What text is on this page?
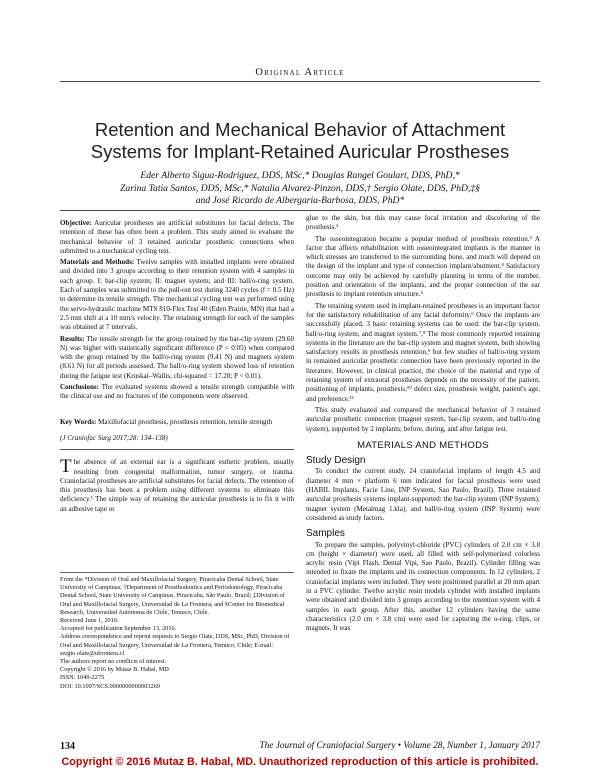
Original Article
Retention and Mechanical Behavior of Attachment Systems for Implant-Retained Auricular Prostheses
Eder Alberto Sigua-Rodriguez, DDS, MSc,* Douglas Rangel Goulart, DDS, PhD,*
Zarina Tatia Santos, DDS, MSc,* Natalia Alvarez-Pinzon, DDS,† Sergio Olate, DDS, PhD,‡§
and José Ricardo de Albergaria-Barbosa, DDS, PhD*

Objective: Auricular prostheses are artificial substitutes for facial defects. The retention of these has often been a problem. This study aimed to evaluate the mechanical behavior of 3 retained auricular prosthetic connections when submitted to a mechanical cycling test.

Materials and Methods: Twelve samples with installed implants were obtained and divided into 3 groups according to their retention system with 4 samples in each group. I: bar-clip system; II: magnet system; and III: ball/o-ring system. Each of samples was submitted to the pull-out test during 3240 cycles (f = 0.5 Hz) to determine its tensile strength. The mechanical cycling test was performed using the servo-hydraulic machine MTS 810-Flex Test 40 (Eden Prairie, MN) that had a 2.5 mm shift at a 10 mm/s velocity. The retaining strength for each of the samples was obtained at 7 intervals.

Results: The tensile strength for the group retained by the bar-clip system (29.60 N) was higher with statistically significant difference (P < 0.05) when compared with the group retained by the ball/o-ring system (9.41 N) and magnets system (8.61 N) for all periods assessed. The ball/o-ring system showed loss of retention during the fatigue test (Kruskal–Wallis, chi-squared = 17.28; P < 0.01).

Conclusions: The evaluated systems showed a tensile strength compatible with the clinical use and no fractures of the components were observed.

Key Words: Maxillofacial prosthesis, prosthesis retention, tensile strength

(J Craniofac Surg 2017;28: 134–138)

The absence of an external ear is a significant esthetic problem, usually resulting from congenital malformation, tumor surgery, or trauma. Craniofacial prostheses are artificial substitutes for facial defects. The retention of this prosthesis has been a problem using different systems to eliminate this deficiency.¹ The simple way of retaining the auricular prosthesis is to fix it with an adhesive tape or

glue to the skin, but this may cause local irritation and discoloring of the prosthesis.²

The osseointegration became a popular method of prosthesis retention.³ A factor that affects rehabilitation with osseointegrated implants is the manner in which stresses are transferred to the surrounding bone, and much will depend on the design of the implant and type of connection implant/abutment.⁴ Satisfactory outcome may only be achieved by carefully planning in terms of the number, position and orientation of the implants, and the proper connection of the ear prosthesis to implant retention structure.⁵

The retaining system used in implant-retained prostheses is an important factor for the satisfactory rehabilitation of any facial deformity.⁶ Once the implants are successfully placed, 3 basic retaining systems can be used: the bar-clip system, ball/o-ring system, and magnet system.⁷,⁸ The most commonly reported retaining systems in the literature are the bar-clip system and magnet system, both showing satisfactory results in prosthesis retention,⁹ but few studies of ball/o-ring system in remained auricular prosthetic connection have been previously reported in the literature. However, in clinical practice, the choice of the material and type of retaining system of extraoral prostheses depends on the necessity of the patient, positioning of implants, prosthesis,¹⁰ defect size, prosthesis weight, patient's age, and preference.¹¹

This study evaluated and compared the mechanical behavior of 3 retained auricular prosthetic connection (magnet system, bar-clip system, and ball/o-ring system), supported by 2 implants; before, during, and after fatigue test.

MATERIALS AND METHODS
Study Design

To conduct the current study, 24 craniofacial implants of length 4.5 and diameter 4 mm × platform 6 mm indicated for facial prosthesis were used (HABIL Implants, Facie Line, INP System, Sao Paulo, Brazil). Three retained auricular prosthesis systems implant-supported: the bar-clip system (INP System); magnet system (Metalmag 1.kla), and ball/o-ring system (INP System) were considered as study factors.

Samples

To prepare the samples, polyvinyl-chloride (PVC) cylinders of 2.0 cm × 3.8 cm (height × diameter) were used, all filled with self-polymerized colorless acrylic resin (Vipi Flash, Dental Vipi, Sao Paulo, Brazil). Cylinder filling was intended to fixate the implants and its connection components. In 12 cylinders, 2 craniofacial implants were included. They were positioned parallel at 20 mm apart in a PVC cylinder. Twelve acrylic resin models cylinder with installed implants were obtained and divided into 3 groups according to the retention system with 4 samples in each group. After this, another 12 cylinders having the same characteristics (2.0 cm × 3.8 cm) were used for capturing the o-ring, clips, or magnets. It was

From the *Division of Oral and Maxillofacial Surgery, Piracicaba Dental School, State University of Campinas; †Department of Prosthodontics and Periodontology, Piracicaba Dental School, State University of Campinas, Piracicaba, São Paulo, Brazil; ‡Division of Oral and Maxillofacial Surgery, Universidad de La Frontera; and §Center for Biomedical Research, Universidad Autónoma de Chile, Temuco, Chile.

Received June 1, 2016.

Accepted for publication September 13, 2016.

Address correspondence and reprint requests to Sergio Olate, DDS, MSc, PhD, Division of Oral and Maxillofacial Surgery, Universidad de La Frontera, Temuco, Chile; E-mail: sergio.olate@ufrontera.cl

The authors report no conflicts of interest.

Copyright © 2016 by Mutaz B. Habal, MD

ISSN: 1049-2275

DOI: 10.1097/SCS.0000000000003269

134	The Journal of Craniofacial Surgery • Volume 28, Number 1, January 2017
Copyright © 2016 Mutaz B. Habal, MD. Unauthorized reproduction of this article is prohibited.
